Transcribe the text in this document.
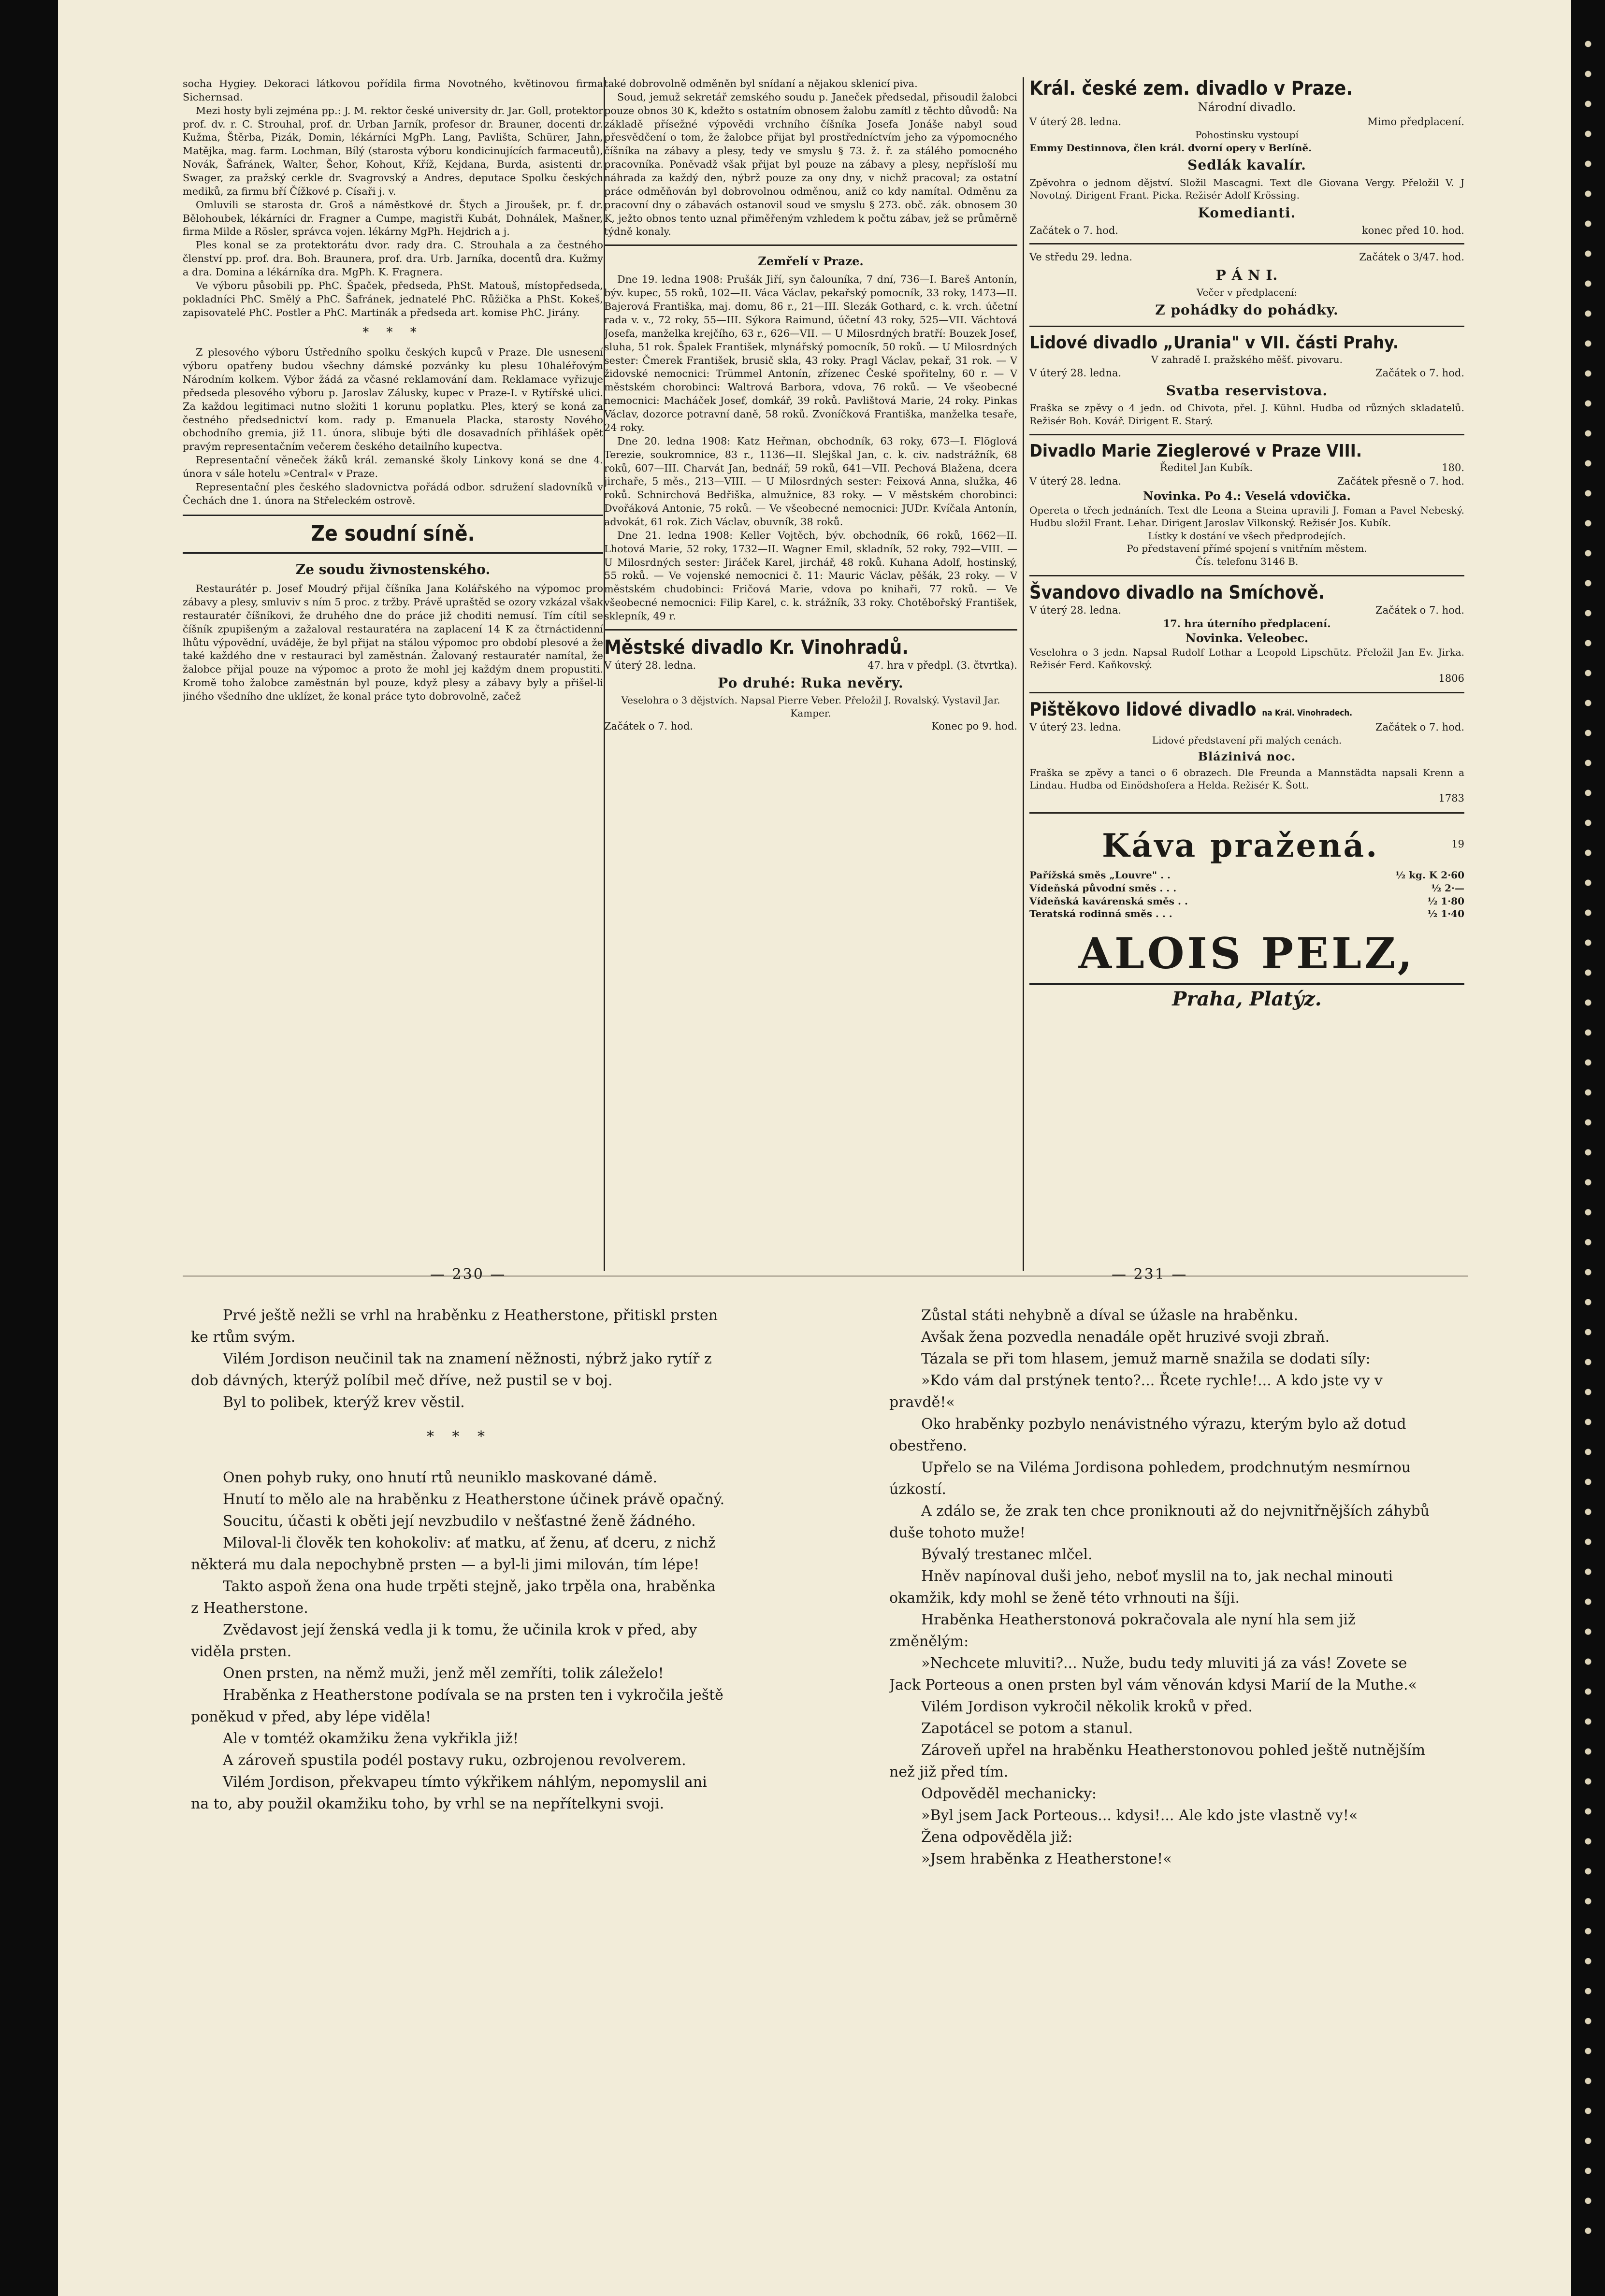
socha Hygiey. Dekoraci látkovou pořídila firma Novotného, květinovou firma Sichernsad.

Mezi hosty byli zejména pp.: J. M. rektor české university dr. Jar. Goll, protektor prof. dv. r. C. Strouhal, prof. dr. Urban Jarník, profesor dr. Brauner, docenti dr. Kužma, Štěrba, Pizák, Domin, lékárníci MgPh. Lang, Pavlišta, Schürer, Jahn, Matějka, mag. farm. Lochman, Bílý (starosta výboru kondicinujících farmaceutů), Novák, Šafránek, Walter, Šehor, Kohout, Kříž, Kejdana, Burda, asistenti dr. Swager, za pražský cerkle dr. Svagrovský a Andres, deputace Spolku českých mediků, za firmu bří Čížkové p. Císaři j. v.

Omluvili se starosta dr. Groš a náměstkové dr. Štych a Jiroušek, pr. f. dr. Bělohoubek, lékárníci dr. Fragner a Cumpe, magistři Kubát, Dohnálek, Mašner, firma Milde a Rösler, správca vojen. lékárny MgPh. Hejdrich a j.

Ples konal se za protektorátu dvor. rady dra. C. Strouhala a za čestného členství pp. prof. dra. Boh. Braunera, prof. dra. Urb. Jarníka, docentů dra. Kužmy a dra. Domina a lékárníka dra. MgPh. K. Fragnera.

Ve výboru působili pp. PhC. Špaček, předseda, PhSt. Matouš, místopředseda, pokladníci PhC. Smělý a PhC. Šafránek, jednatelé PhC. Růžička a PhSt. Kokeš, zapisovatelé PhC. Postler a PhC. Martinák a předseda art. komise PhC. Jirány.

* * *

Z plesového výboru Ústředního spolku českých kupců v Praze. Dle usnesení výboru opatřeny budou všechny dámské pozvánky ku plesu 10haléřovým Národním kolkem. Výbor žádá za včasné reklamování dam. Reklamace vyřizuje předseda plesového výboru p. Jaroslav Zálusky, kupec v Praze-I. v Rytířské ulici. Za každou legitimaci nutno složiti 1 korunu poplatku. Ples, který se koná za čestného předsednictví kom. rady p. Emanuela Placka, starosty Nového obchodního gremia, již 11. února, slibuje býti dle dosavadních přihlášek opět pravým representačním večerem českého detailního kupectva.

Representační věneček žáků král. zemanské školy Linkovy koná se dne 4. února v sále hotelu »Central« v Praze.

Representační ples českého sladovnictva pořádá odbor. sdružení sladovníků v Čechách dne 1. února na Střeleckém ostrově.

Ze soudní síně.
Ze soudu živnostenského.

Restaurátér p. Josef Moudrý přijal číšníka Jana Kolářského na výpomoc pro zábavy a plesy, smluviv s ním 5 proc. z tržby. Právě upraštěd se ozory vzkázal však restauratér číšníkovi, že druhého dne do práce již choditi nemusí. Tím cítil se číšník zpupišeným a zažaloval restauratéra na zaplacení 14 K za čtrnáctidenní lhůtu výpovědní, uváděje, že byl přijat na stálou výpomoc pro období plesové a že také každého dne v restauraci byl zaměstnán. Žalovaný restauratér namítal, že žalobce přijal pouze na výpomoc a proto že mohl jej každým dnem propustiti. Kromě toho žalobce zaměstnán byl pouze, když plesy a zábavy byly a přišel-li jiného všedního dne uklízet, že konal práce tyto dobrovolně, začež

také dobrovolně odměněn byl snídaní a nějakou sklenicí piva.

Soud, jemuž sekretář zemského soudu p. Janeček předsedal, přisoudil žalobci pouze obnos 30 K, kdežto s ostatním obnosem žalobu zamítl z těchto důvodů: Na základě přísežné výpovědi vrchního číšníka Josefa Jonáše nabyl soud přesvědčení o tom, že žalobce přijat byl prostředníctvím jeho za výpomocného číšníka na zábavy a plesy, tedy ve smyslu § 73. ž. ř. za stálého pomocného pracovníka. Poněvadž však přijat byl pouze na zábavy a plesy, nepřísloší mu náhrada za každý den, nýbrž pouze za ony dny, v nichž pracoval; za ostatní práce odměňován byl dobrovolnou odměnou, aniž co kdy namítal. Odměnu za pracovní dny o zábavách ostanovil soud ve smyslu § 273. obč. zák. obnosem 30 K, ježto obnos tento uznal přiměřeným vzhledem k počtu zábav, jež se průměrně týdně konaly.

Zemřelí v Praze.

Dne 19. ledna 1908: Prušák Jiří, syn čalouníka, 7 dní, 736—I. Bareš Antonín, býv. kupec, 55 roků, 102—II. Váca Václav, pekařský pomocník, 33 roky, 1473—II. Bajerová Františka, maj. domu, 86 r., 21—III. Slezák Gothard, c. k. vrch. účetní rada v. v., 72 roky, 55—III. Sýkora Raimund, účetní 43 roky, 525—VII. Váchtová Josefa, manželka krejčího, 63 r., 626—VII. — U Milosrdných bratří: Bouzek Josef, sluha, 51 rok. Špalek František, mlynářský pomocník, 50 roků. — U Milosrdných sester: Čmerek František, brusič skla, 43 roky. Pragl Václav, pekař, 31 rok. — V židovské nemocnici: Trümmel Antonín, zřízenec České spořitelny, 60 r. — V městském chorobinci: Waltrová Barbora, vdova, 76 roků. — Ve všeobecné nemocnici: Macháček Josef, domkář, 39 roků. Pavlištová Marie, 24 roky. Pinkas Václav, dozorce potravní daně, 58 roků. Zvoníčková Františka, manželka tesaře, 24 roky.

Dne 20. ledna 1908: Katz Heřman, obchodník, 63 roky, 673—I. Flöglová Terezie, soukromnice, 83 r., 1136—II. Slejškal Jan, c. k. civ. nadstrážník, 68 roků, 607—III. Charvát Jan, bednář, 59 roků, 641—VII. Pechová Blažena, dcera jirchaře, 5 měs., 213—VIII. — U Milosrdných sester: Feixová Anna, služka, 46 roků. Schnirchová Bedřiška, almužnice, 83 roky. — V městském chorobinci: Dvořáková Antonie, 75 roků. — Ve všeobecné nemocnici: JUDr. Kvíčala Antonín, advokát, 61 rok. Zich Václav, obuvník, 38 roků.

Dne 21. ledna 1908: Keller Vojtěch, býv. obchodník, 66 roků, 1662—II. Lhotová Marie, 52 roky, 1732—II. Wagner Emil, skladník, 52 roky, 792—VIII. — U Milosrdných sester: Jiráček Karel, jirchář, 48 roků. Kuhana Adolf, hostinský, 55 roků. — Ve vojenské nemocnici č. 11: Mauric Václav, pěšák, 23 roky. — V městském chudobinci: Fričová Marie, vdova po knihaři, 77 roků. — Ve všeobecné nemocnici: Filip Karel, c. k. strážník, 33 roky. Chotěbořský František, sklepník, 49 r.

Městské divadlo Kr. Vinohradů.
V úterý 28. ledna.	47. hra v předpl. (3. čtvrtka).
Po druhé: Ruka nevěry.
Veselohra o 3 dějstvích. Napsal Pierre Veber. Přeložil J. Rovalský. Vystavil Jar. Kamper.
Začátek o 7. hod.	Konec po 9. hod.
Král. české zem. divadlo v Praze.
Národní divadlo.
V úterý 28. ledna.	Mimo předplacení.
Pohostinsku vystoupí
Emmy Destinnova, člen král. dvorní opery v Berlíně.
Sedlák kavalír.
Zpěvohra o jednom dějství. Složil Mascagni. Text dle Giovana Vergy. Přeložil V. J Novotný. Dirigent Frant. Picka. Režisér Adolf Krössing.
Komedianti.
Začátek o 7. hod.	konec před 10. hod.
Ve středu 29. ledna.	Začátek o 3/47. hod.
P Á N I.
Večer v předplacení:
Z pohádky do pohádky.
Lidové divadlo „Urania" v VII. části Prahy.
V zahradě I. pražského měšť. pivovaru.
V úterý 28. ledna.	Začátek o 7. hod.
Svatba reservistova.
Fraška se zpěvy o 4 jedn. od Chivota, přel. J. Kühnl. Hudba od různých skladatelů. Režisér Boh. Kovář. Dirigent E. Starý.
Divadlo Marie Zieglerové v Praze VIII.
Ředitel Jan Kubík.	180.
V úterý 28. ledna.	Začátek přesně o 7. hod.
Novinka. Po 4.: Veselá vdovička.
Opereta o třech jednáních. Text dle Leona a Steina upravili J. Foman a Pavel Nebeský. Hudbu složil Frant. Lehar. Dirigent Jaroslav Vilkonský. Režisér Jos. Kubík.
Lístky k dostání ve všech předprodejích.
Po představení přímé spojení s vnitřním městem.
Čís. telefonu 3146 B.
Švandovo divadlo na Smíchově.
V úterý 28. ledna.	Začátek o 7. hod.
17. hra úterního předplacení.
Novinka. Veleobec.
Veselohra o 3 jedn. Napsal Rudolf Lothar a Leopold Lipschütz. Přeložil Jan Ev. Jirka. Režisér Ferd. Kaňkovský.
1806
Pištěkovo lidové divadlo na Král. Vinohradech.
V úterý 23. ledna.	Začátek o 7. hod.
Lidové představení při malých cenách.
Blázinivá noc.
Fraška se zpěvy a tanci o 6 obrazech. Dle Freunda a Mannstädta napsali Krenn a Lindau. Hudba od Einödshofera a Helda. Režisér K. Šott.
1783
Káva pražená.	19
Pařížská směs „Louvre" . .	½ kg. K 2·60
Vídeňská původní směs . . .	½ 2·—
Vídeňská kavárenská směs . .	½ 1·80
Teratská rodinná směs . . .	½ 1·40
ALOIS PELZ,
Praha, Platýz.
— 230 —	— 231 —

Prvé ještě nežli se vrhl na hraběnku z Heatherstone, přitiskl prsten ke rtům svým.

Vilém Jordison neučinil tak na znamení něžnosti, nýbrž jako rytíř z dob dávných, kterýž políbil meč dříve, než pustil se v boj.

Byl to polibek, kterýž krev věstil.

* * *

Onen pohyb ruky, ono hnutí rtů neuniklo maskované dámě.

Hnutí to mělo ale na hraběnku z Heatherstone účinek právě opačný.

Soucitu, účasti k oběti její nevzbudilo v nešťastné ženě žádného.

Miloval-li člověk ten kohokoliv: ať matku, ať ženu, ať dceru, z nichž některá mu dala nepochybně prsten — a byl-li jimi milován, tím lépe!

Takto aspoň žena ona hude trpěti stejně, jako trpěla ona, hraběnka z Heatherstone.

Zvědavost její ženská vedla ji k tomu, že učinila krok v před, aby viděla prsten.

Onen prsten, na němž muži, jenž měl zemříti, tolik záleželo!

Hraběnka z Heatherstone podívala se na prsten ten i vykročila ještě poněkud v před, aby lépe viděla!

Ale v tomtéž okamžiku žena vykřikla již!

A zároveň spustila podél postavy ruku, ozbrojenou revolverem.

Vilém Jordison, překvapeu tímto výkřikem náhlým, nepomyslil ani na to, aby použil okamžiku toho, by vrhl se na nepřítelkyni svoji.

Zůstal státi nehybně a díval se úžasle na hraběnku.

Avšak žena pozvedla nenadále opět hruzivé svoji zbraň.

Tázala se při tom hlasem, jemuž marně snažila se dodati síly:

»Kdo vám dal prstýnek tento?... Řcete rychle!... A kdo jste vy v pravdě!«

Oko hraběnky pozbylo nenávistného výrazu, kterým bylo až dotud obestřeno.

Upřelo se na Viléma Jordisona pohledem, prodchnutým nesmírnou úzkostí.

A zdálo se, že zrak ten chce proniknouti až do nejvnitřnějších záhybů duše tohoto muže!

Bývalý trestanec mlčel.

Hněv napínoval duši jeho, neboť myslil na to, jak nechal minouti okamžik, kdy mohl se ženě této vrhnouti na šíji.

Hraběnka Heatherstonová pokračovala ale nyní hla sem již změnělým:

»Nechcete mluviti?... Nuže, budu tedy mluviti já za vás! Zovete se Jack Porteous a onen prsten byl vám věnován kdysi Marií de la Muthe.«

Vilém Jordison vykročil několik kroků v před.

Zapotácel se potom a stanul.

Zároveň upřel na hraběnku Heatherstonovou pohled ještě nutnějším než již před tím.

Odpověděl mechanicky:

»Byl jsem Jack Porteous... kdysi!... Ale kdo jste vlastně vy!«

Žena odpověděla již:

»Jsem hraběnka z Heatherstone!«
